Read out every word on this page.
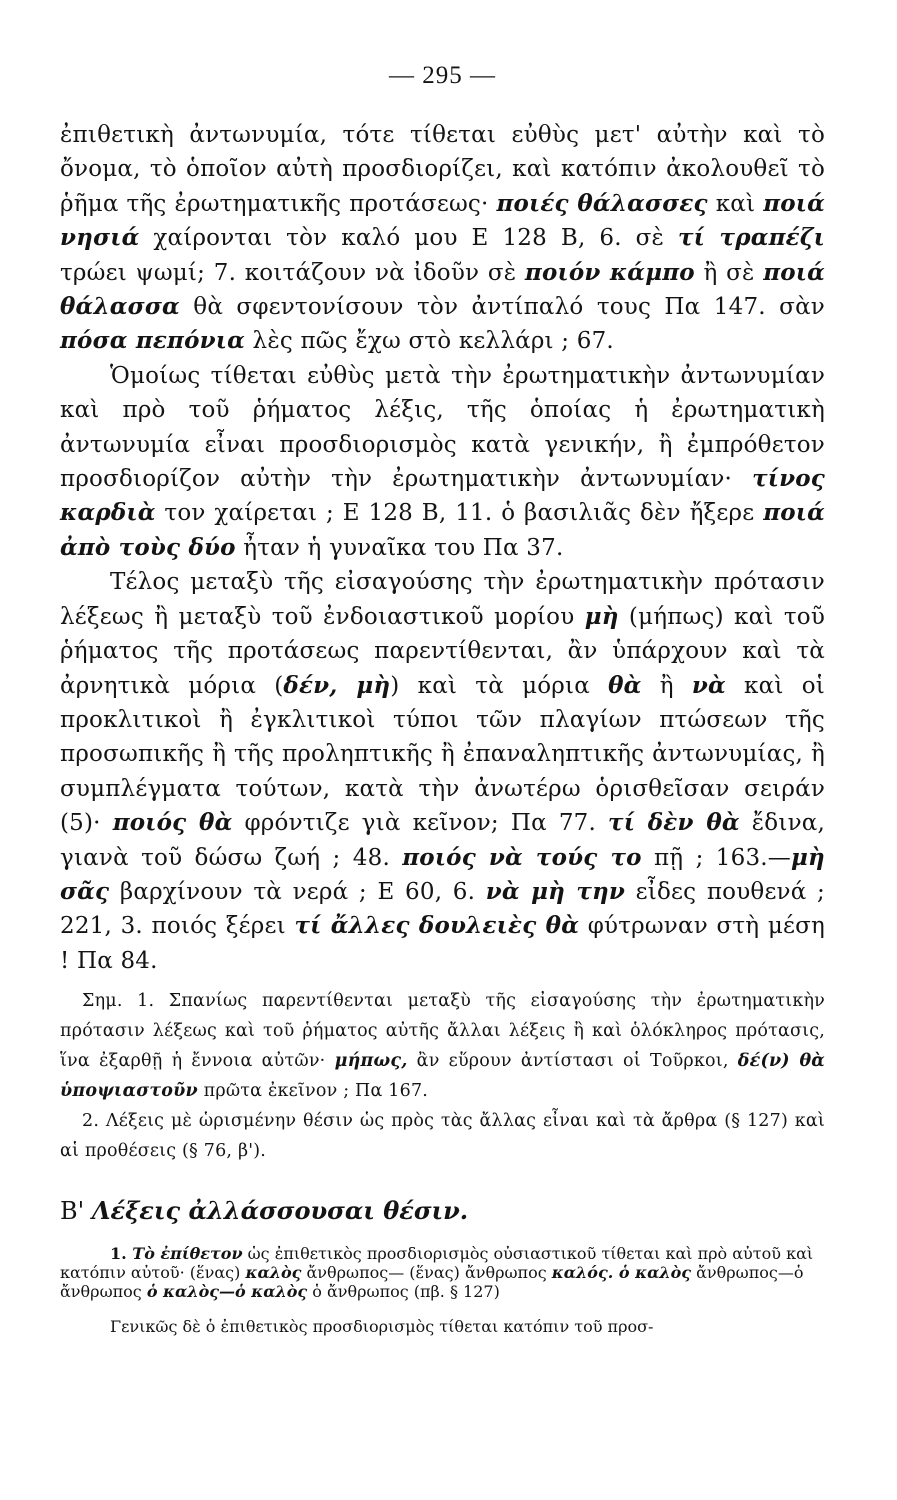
— 295 —

ἐπιθετικὴ ἀντωνυμία, τότε τίθεται εὐθὺς μετ' αὐτὴν καὶ τὸ ὄνομα, τὸ ὁποῖον αὐτὴ προσδιορίζει, καὶ κατόπιν ἀκολουθεῖ τὸ ῥῆμα τῆς ἐρωτηματικῆς προτάσεως· ποιές θάλασσες καὶ ποιά νησιά χαίρονται τὸν καλό μου Ε 128 Β, 6. σὲ τί τραπέζι τρώει ψωμί; 7. κοιτάζουν νὰ ἰδοῦν σὲ ποιόν κάμπο ἢ σὲ ποιά θάλασσα θὰ σφεντονίσουν τὸν ἀντίπαλό τους Πα 147. σὰν πόσα πεπόνια λὲς πῶς ἔχω στὸ κελλάρι ; 67.

Ὁμοίως τίθεται εὐθὺς μετὰ τὴν ἐρωτηματικὴν ἀντωνυμίαν καὶ πρὸ τοῦ ῥήματος λέξις, τῆς ὁποίας ἡ ἐρωτηματικὴ ἀντωνυμία εἶναι προσδιορισμὸς κατὰ γενικήν, ἢ ἐμπρόθετον προσδιορίζον αὐτὴν τὴν ἐρωτηματικὴν ἀντωνυμίαν· τίνος καρδιὰ τον χαίρεται ; Ε 128 Β, 11. ὁ βασιλιᾶς δὲν ἤξερε ποιά ἀπὸ τοὺς δύο ἦταν ἡ γυναῖκα του Πα 37.

Τέλος μεταξὺ τῆς εἰσαγούσης τὴν ἐρωτηματικὴν πρότασιν λέξεως ἢ μεταξὺ τοῦ ἐνδοιαστικοῦ μορίου μὴ (μήπως) καὶ τοῦ ῥήματος τῆς προτάσεως παρεντίθενται, ἂν ὑπάρχουν καὶ τὰ ἀρνητικὰ μόρια (δέν, μὴ) καὶ τὰ μόρια θὰ ἢ νὰ καὶ οἱ προκλιτικοὶ ἢ ἐγκλιτικοὶ τύποι τῶν πλαγίων πτώσεων τῆς προσωπικῆς ἢ τῆς προληπτικῆς ἢ ἐπαναληπτικῆς ἀντωνυμίας, ἢ συμπλέγματα τούτων, κατὰ τὴν ἀνωτέρω ὁρισθεῖσαν σειράν (5)· ποιός θὰ φρόντιζε γιὰ κεῖνον; Πα 77. τί δὲν θὰ ἔδινα, γιανὰ τοῦ δώσω ζωή ; 48. ποιός νὰ τούς το πῇ ; 163.—μὴ σᾶς βαρχίνουν τὰ νερά ; Ε 60, 6. νὰ μὴ την εἶδες πουθενά ; 221, 3. ποιός ξέρει τί ἄλλες δουλειὲς θὰ φύτρωναν στὴ μέση ! Πα 84.

Σημ. 1. Σπανίως παρεντίθενται μεταξὺ τῆς εἰσαγούσης τὴν ἐρωτηματικὴν πρότασιν λέξεως καὶ τοῦ ῥήματος αὐτῆς ἄλλαι λέξεις ἢ καὶ ὁλόκληρος πρότασις, ἵνα ἐξαρθῇ ἡ ἔννοια αὐτῶν· μήπως, ἂν εὕρουν ἀντίστασι οἱ Τοῦρκοι, δέ(ν) θὰ ὑποψιαστοῦν πρῶτα ἐκεῖνον ; Πα 167.

2. Λέξεις μὲ ὡρισμένην θέσιν ὡς πρὸς τὰς ἄλλας εἶναι καὶ τὰ ἄρθρα (§ 127) καὶ αἱ προθέσεις (§ 76, β').

Β' Λέξεις ἀλλάσσουσαι θέσιν.

1. Τὸ ἐπίθετον ὡς ἐπιθετικὸς προσδιορισμὸς οὐσιαστικοῦ τίθεται καὶ πρὸ αὐτοῦ καὶ κατόπιν αὐτοῦ· (ἕνας) καλὸς ἄνθρωπος— (ἕνας) ἄνθρωπος καλός. ὁ καλὸς ἄνθρωπος—ὁ ἄνθρωπος ὁ καλὸς—ὁ καλὸς ὁ ἄνθρωπος (πβ. § 127)

Γενικῶς δὲ ὁ ἐπιθετικὸς προσδιορισμὸς τίθεται κατόπιν τοῦ προσ-
